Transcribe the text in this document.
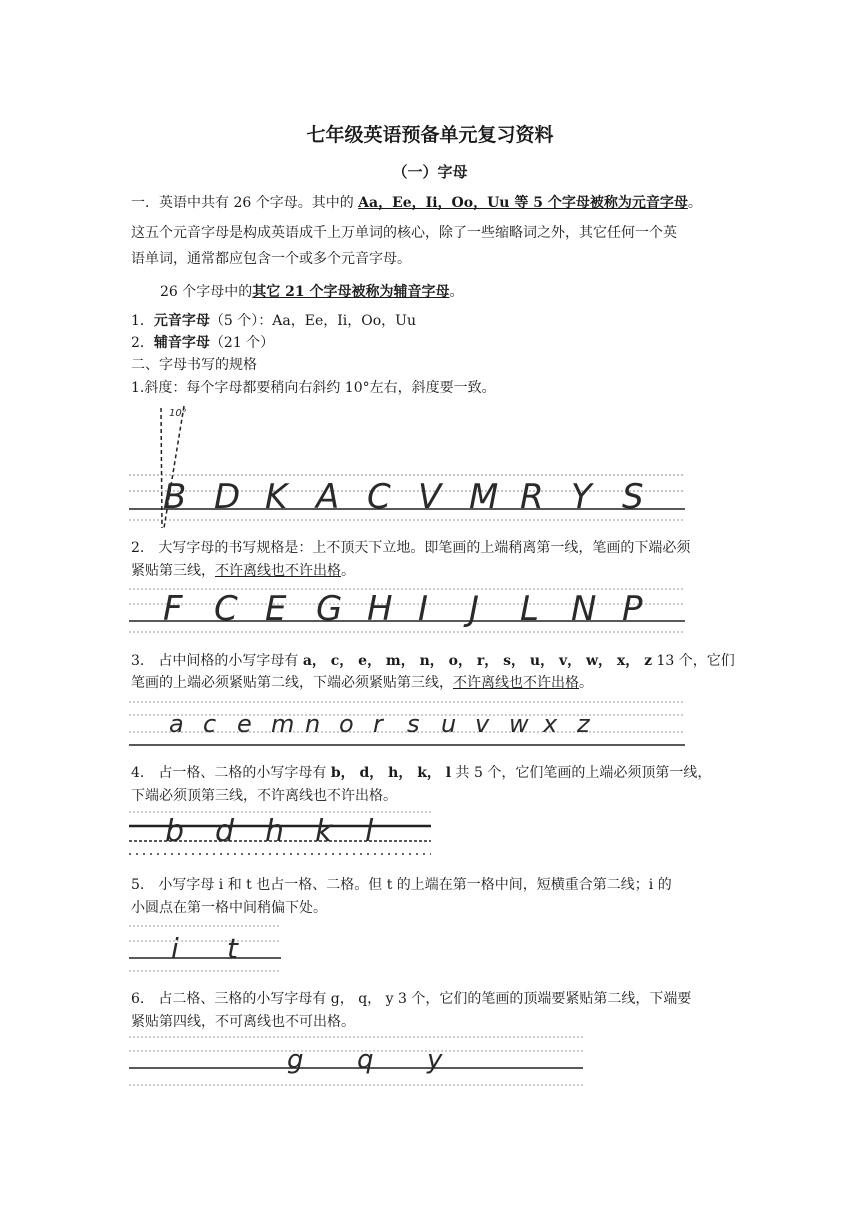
七年级英语预备单元复习资料
（一）字母
一．英语中共有 26 个字母。其中的 Aa，Ee，Ii，Oo，Uu 等 5 个字母被称为元音字母。
这五个元音字母是构成英语成千上万单词的核心，除了一些缩略词之外，其它任何一个英
语单词，通常都应包含一个或多个元音字母。
26 个字母中的其它 21 个字母被称为辅音字母。
1．元音字母（5 个）：Aa，Ee，Ii，Oo，Uu
2．辅音字母（21 个）
二、字母书写的规格
1.斜度：每个字母都要稍向右斜约 10°左右，斜度要一致。
10°
B D K A C V M R Y S
2.　大写字母的书写规格是：上不顶天下立地。即笔画的上端稍离第一线，笔画的下端必须
紧贴第三线，不许离线也不许出格。
F C E G H I J L N P
3.　占中间格的小写字母有 a， c， e， m， n， o， r， s， u， v， w， x， z 13 个，它们
笔画的上端必须紧贴第二线，下端必须紧贴第三线，不许离线也不许出格。
a c e m n o r s u v w x z
4.　占一格、二格的小写字母有 b， d， h， k， l 共 5 个，它们笔画的上端必须顶第一线，
下端必须顶第三线，不许离线也不许出格。
b d h k l
5.　小写字母 i 和 t 也占一格、二格。但 t 的上端在第一格中间，短横重合第二线；i 的
小圆点在第一格中间稍偏下处。
i t
6.　占二格、三格的小写字母有 g， q， y 3 个，它们的笔画的顶端要紧贴第二线，下端要
紧贴第四线，不可离线也不可出格。
g q y
